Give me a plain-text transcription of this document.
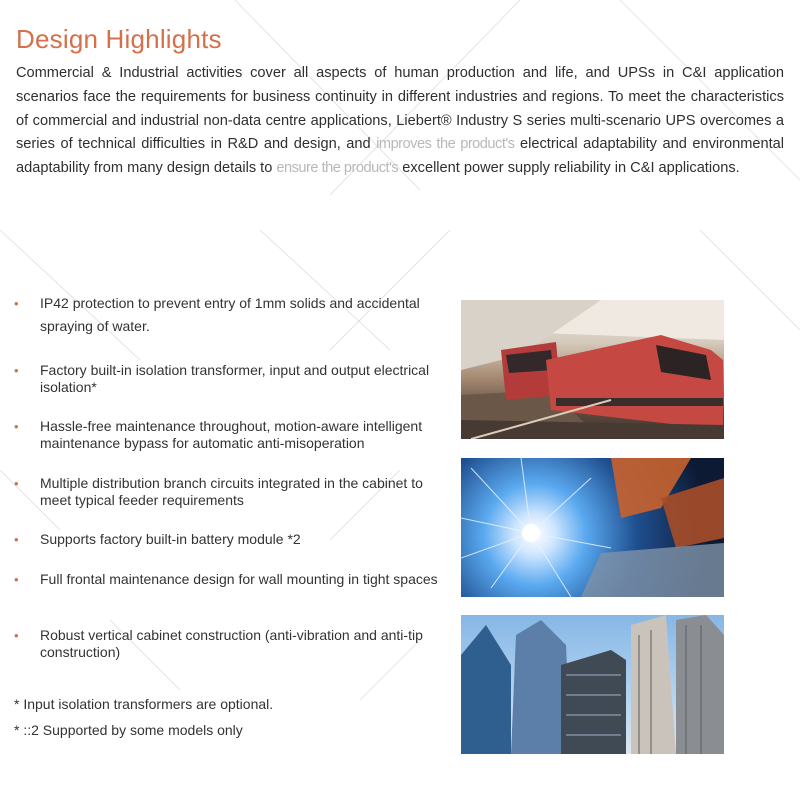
Design Highlights

Commercial & Industrial activities cover all aspects of human production and life, and UPSs in C&I application scenarios face the requirements for business continuity in different industries and regions. To meet the characteristics of commercial and industrial non-data centre applications, Liebert® Industry S series multi-scenario UPS overcomes a series of technical difficulties in R&D and design, and improves the product's electrical adaptability and environmental adaptability from many design details to ensure the product's excellent power supply reliability in C&I applications.

• IP42 protection to prevent entry of 1mm solids and accidental spraying of water.
• Factory built-in isolation transformer, input and output electrical isolation*
• Hassle-free maintenance throughout, motion-aware intelligent maintenance bypass for automatic anti-misoperation
• Multiple distribution branch circuits integrated in the cabinet to meet typical feeder requirements
• Supports factory built-in battery module *2
• Full frontal maintenance design for wall mounting in tight spaces
• Robust vertical cabinet construction (anti-vibration and anti-tip construction)

* Input isolation transformers are optional.

* ::2 Supported by some models only
